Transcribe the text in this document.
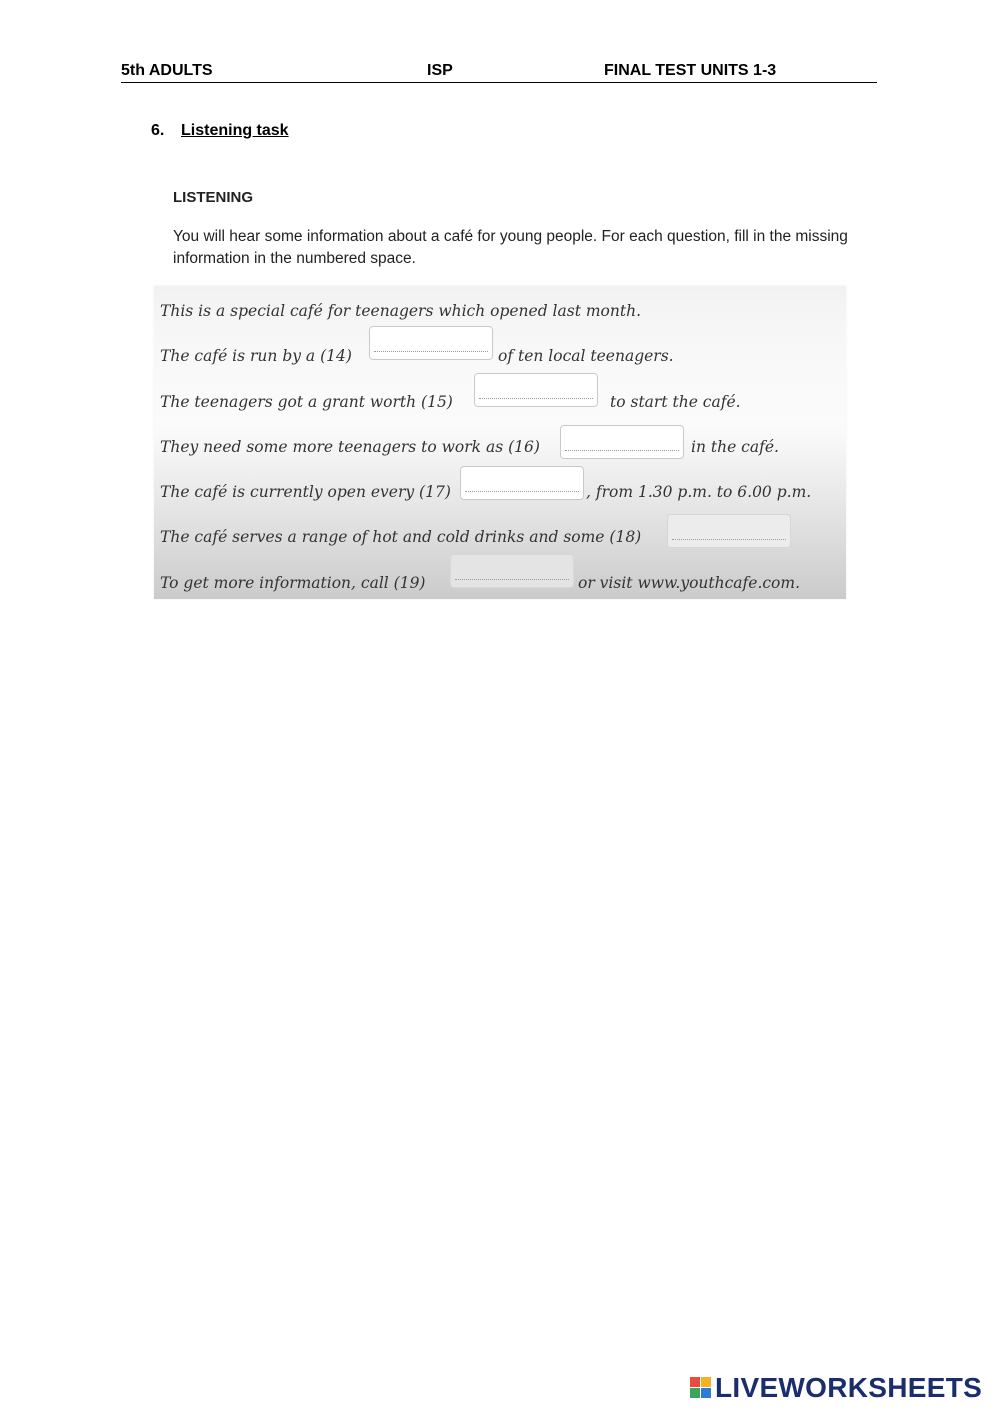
5th ADULTS	ISP	FINAL TEST UNITS 1-3
6. Listening task
LISTENING
You will hear some information about a café for young people. For each question, fill in the missing information in the numbered space.
This is a special café for teenagers which opened last month.
The café is run by a (14)	of ten local teenagers.
The teenagers got a grant worth (15)	to start the café.
They need some more teenagers to work as (16)	in the café.
The café is currently open every (17)	, from 1.30 p.m. to 6.00 p.m.
The café serves a range of hot and cold drinks and some (18)
To get more information, call (19)	or visit www.youthcafe.com.
LIVEWORKSHEETS
